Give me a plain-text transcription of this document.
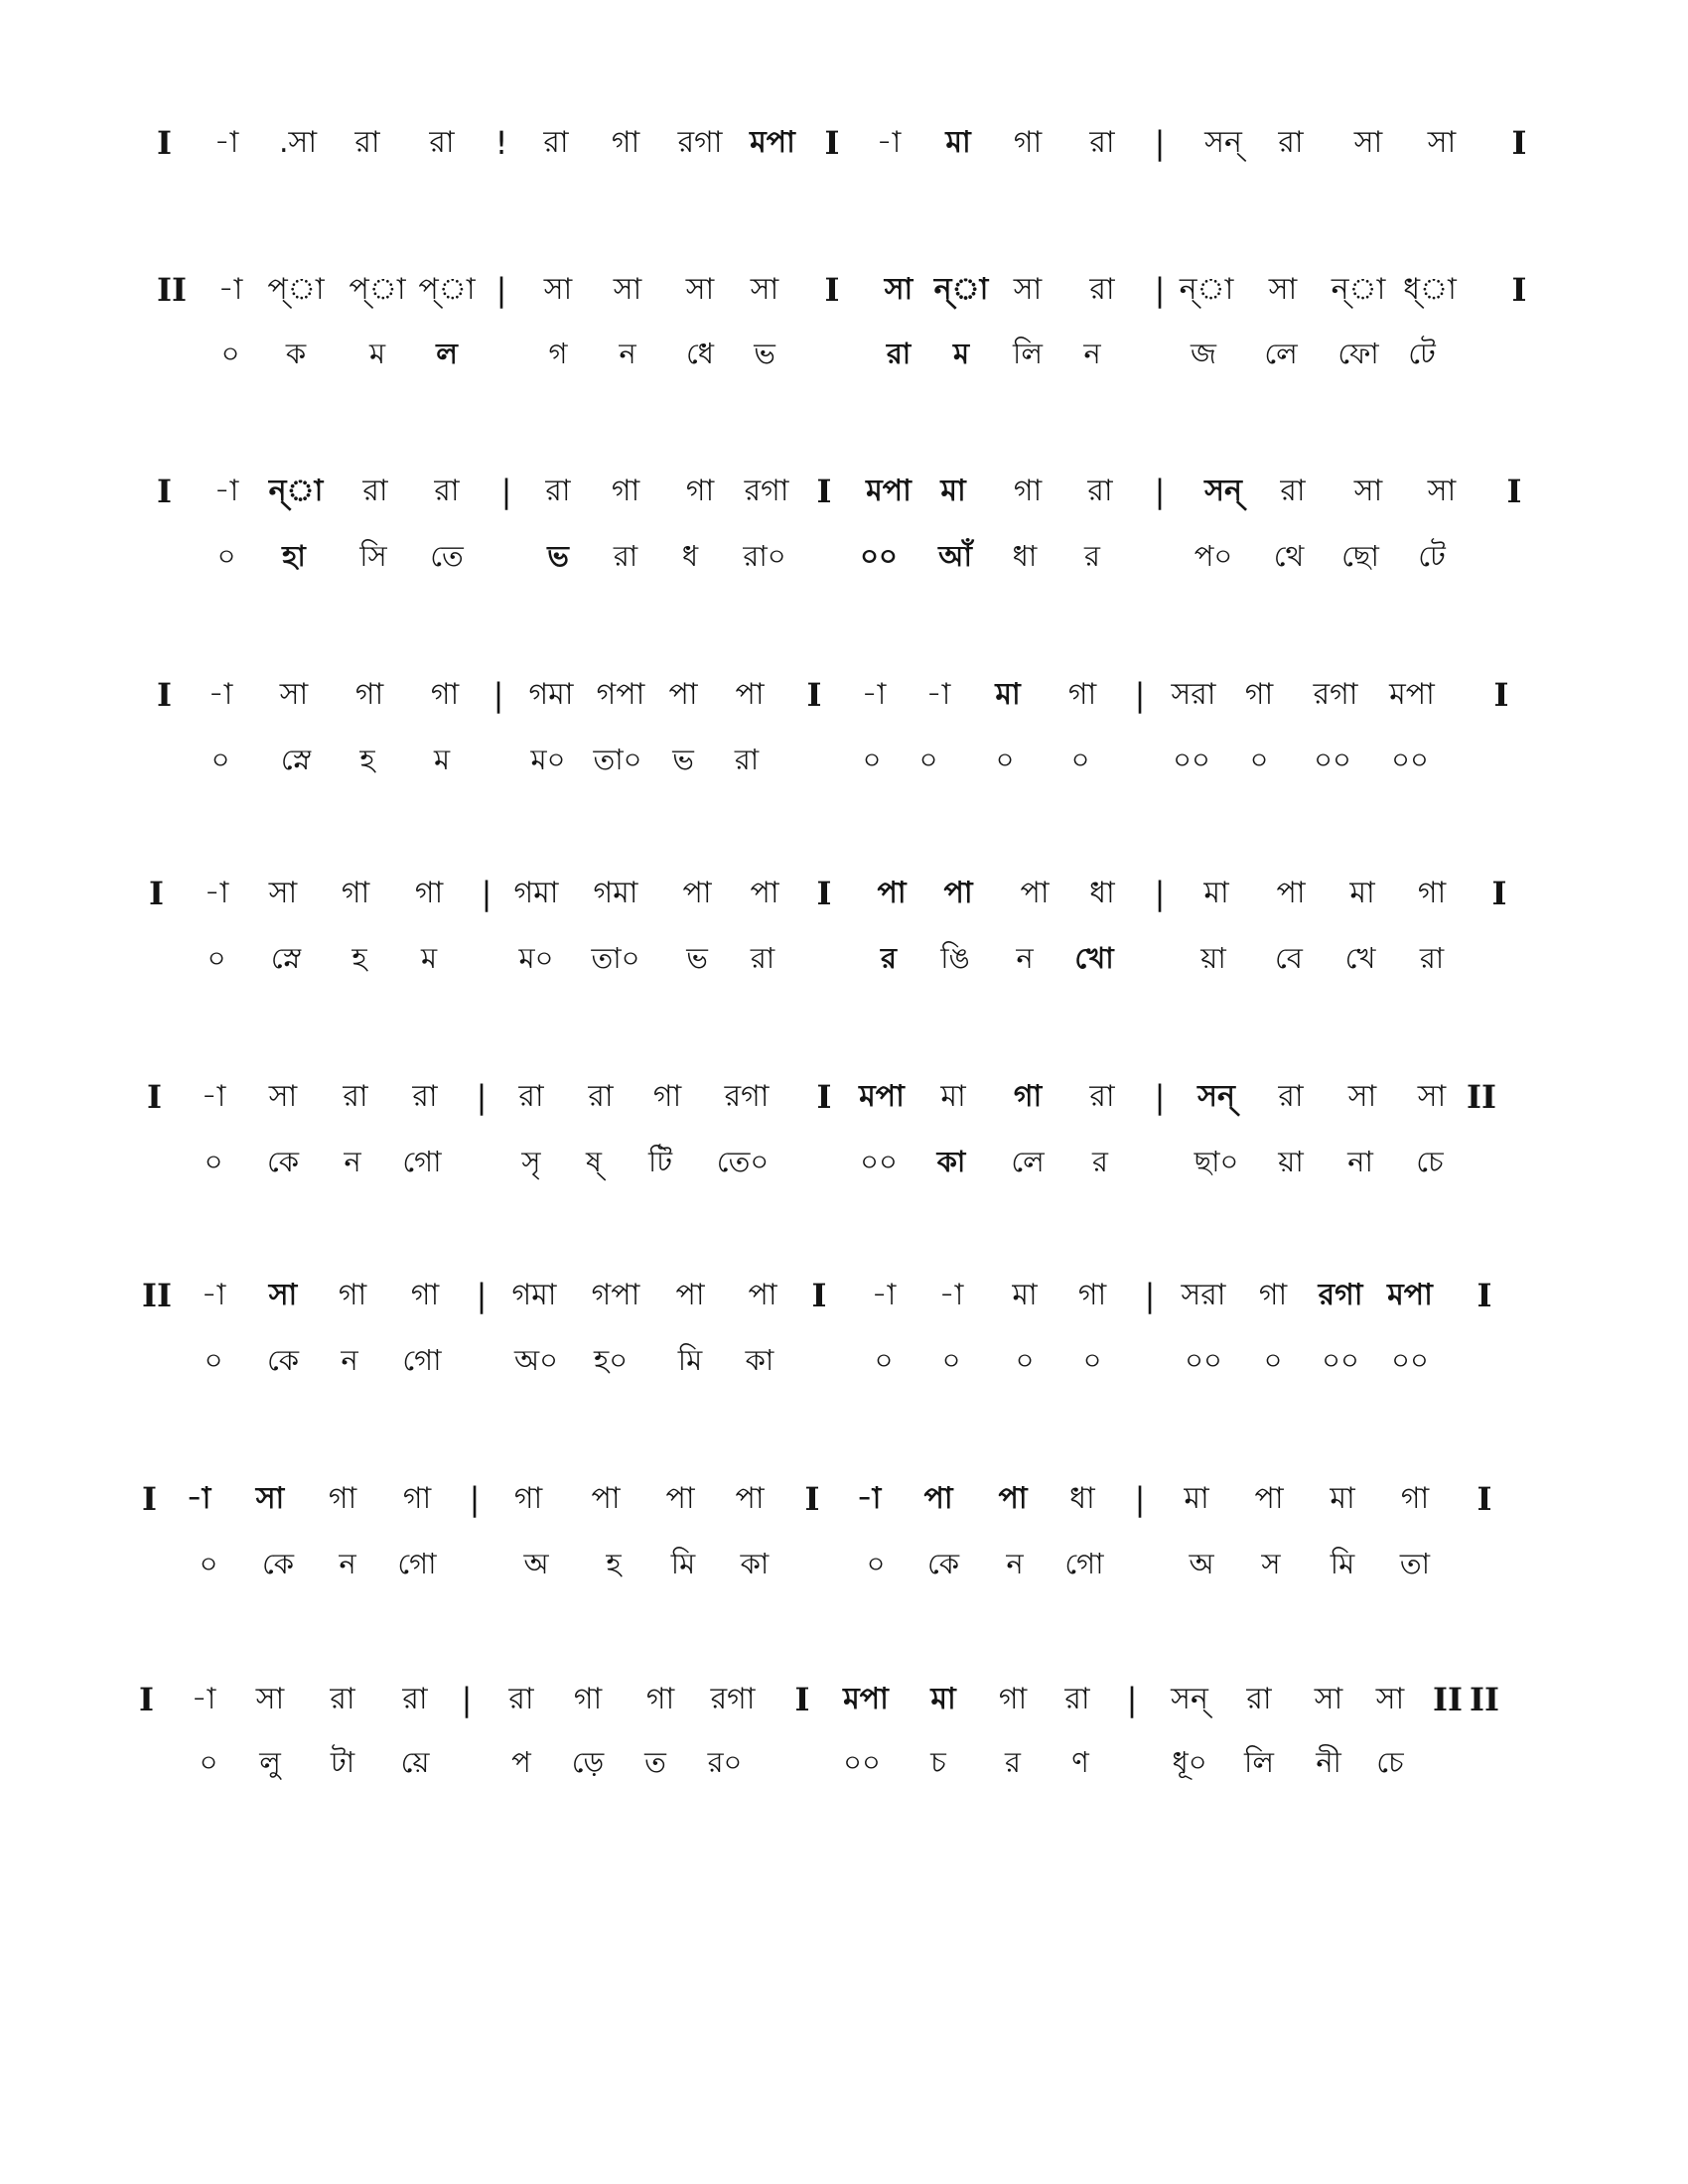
I -া .সা রা রা ! রা গা রগা মপা I -া মা গা রা | সন্ রা সা সা I
II -া প্া প্া প্া | সা সা সা সা I সা ন্া সা রা | ন্া সা ন্া ধ্া I
০ ক ম ল	গ ন ধে ভ	রা ম লি ন	জ লে ফো টে
I -া ন্া রা রা | রা গা গা রগা I মপা মা গা রা | সন্ রা সা সা I
০ হা সি তে	ভ রা ধ রা০	০০ আঁ ধা র	প০ থে ছো টে
I -া সা গা গা | গমা গপা পা পা I -া -া মা গা | সরা গা রগা মপা I
০ স্নে হ ম	ম০ তা০ ভ রা	০ ০ ০ ০	০০ ০ ০০ ০০
I -া সা গা গা | গমা গমা পা পা I পা পা পা ধা | মা পা মা গা I
০ স্নে হ ম	ম০ তা০ ভ রা	র ঙি ন খো	য়া বে খে রা
I -া সা রা রা | রা রা গা রগা I মপা মা গা রা | সন্ রা সা সা II
০ কে ন গো	সৃ ষ্ টি তে০	০০ কা লে র	ছা০ য়া না চে
II -া সা গা গা | গমা গপা পা পা I -া -া মা গা | সরা গা রগা মপা I
০ কে ন গো	অ০ হ০ মি কা	০ ০ ০ ০	০০ ০ ০০ ০০
I -া সা গা গা | গা পা পা পা I -া পা পা ধা | মা পা মা গা I
০ কে ন গো	অ হ মি কা	০ কে ন গো	অ স মি তা
I -া সা রা রা | রা গা গা রগা I মপা মা গা রা | সন্ রা সা সা II II
০ লু টা য়ে	প ড়ে ত র০	০০ চ র ণ	ধূ০ লি নী চে
